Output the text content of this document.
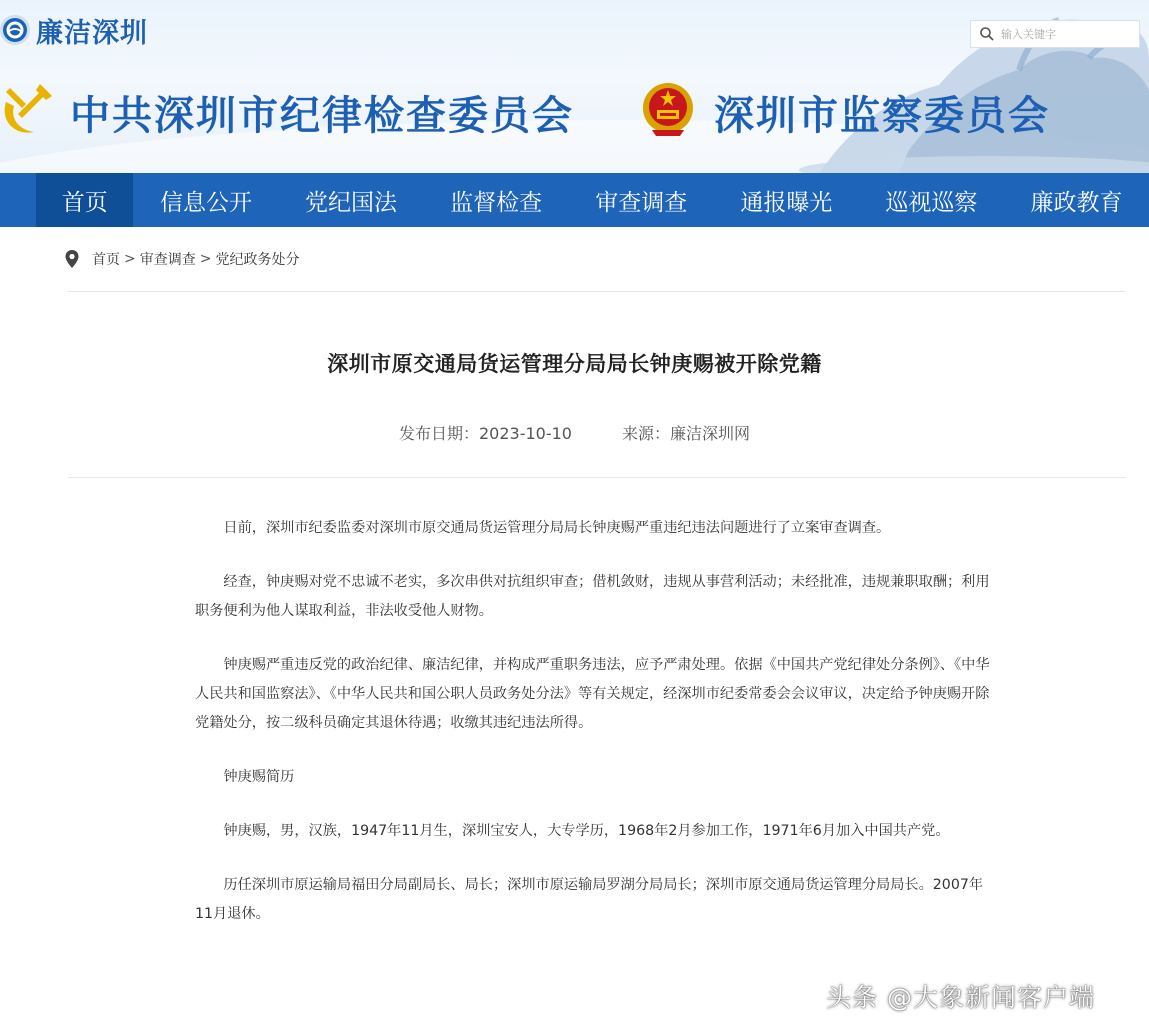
廉洁深圳
输入关键字
中共深圳市纪律检查委员会	深圳市监察委员会
首页	信息公开	党纪国法	监督检查	审查调查	通报曝光	巡视巡察	廉政教育
首页 > 审查调查 > 党纪政务处分
深圳市原交通局货运管理分局局长钟庚赐被开除党籍
发布日期：2023-10-10	来源：廉洁深圳网

日前，深圳市纪委监委对深圳市原交通局货运管理分局局长钟庚赐严重违纪违法问题进行了立案审查调查。

经查，钟庚赐对党不忠诚不老实，多次串供对抗组织审查；借机敛财，违规从事营利活动；未经批准，违规兼职取酬；利用职务便利为他人谋取利益，非法收受他人财物。

钟庚赐严重违反党的政治纪律、廉洁纪律，并构成严重职务违法，应予严肃处理。依据《中国共产党纪律处分条例》、《中华人民共和国监察法》、《中华人民共和国公职人员政务处分法》等有关规定，经深圳市纪委常委会会议审议，决定给予钟庚赐开除党籍处分，按二级科员确定其退休待遇；收缴其违纪违法所得。

钟庚赐简历

钟庚赐，男，汉族，1947年11月生，深圳宝安人，大专学历，1968年2月参加工作，1971年6月加入中国共产党。

历任深圳市原运输局福田分局副局长、局长；深圳市原运输局罗湖分局局长；深圳市原交通局货运管理分局局长。2007年11月退休。

头条 @大象新闻客户端
